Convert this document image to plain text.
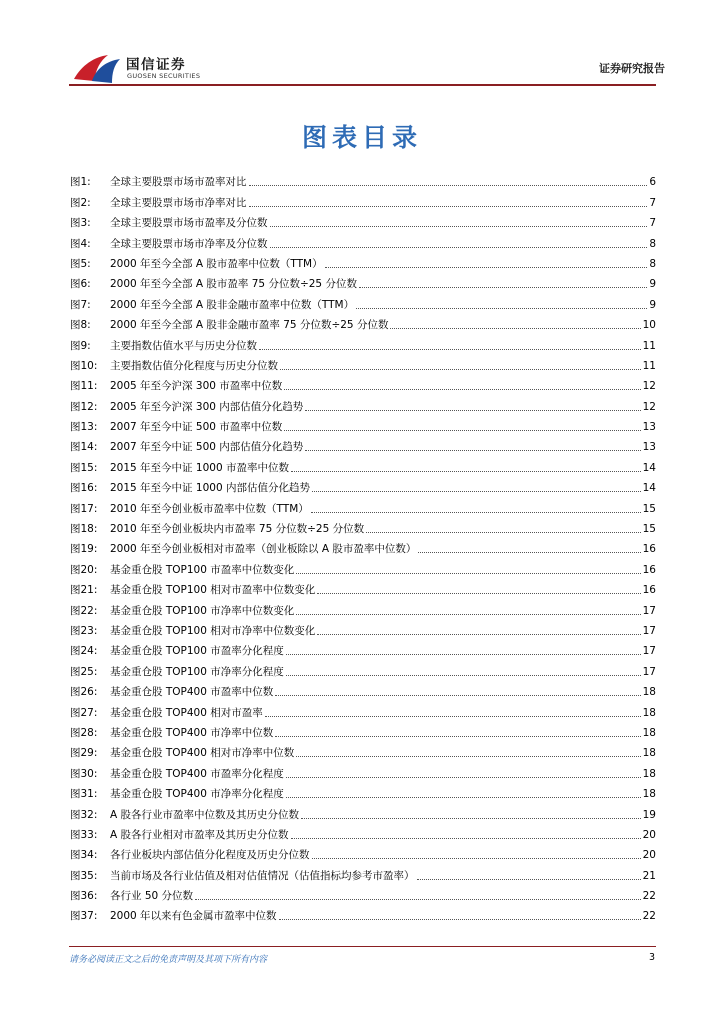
国信证券
GUOSEN SECURITIES
证券研究报告
图表目录
图1:	全球主要股票市场市盈率对比	6
图2:	全球主要股票市场市净率对比	7
图3:	全球主要股票市场市盈率及分位数	7
图4:	全球主要股票市场市净率及分位数	8
图5:	2000 年至今全部 A 股市盈率中位数（TTM）	8
图6:	2000 年至今全部 A 股市盈率 75 分位数÷25 分位数	9
图7:	2000 年至今全部 A 股非金融市盈率中位数（TTM）	9
图8:	2000 年至今全部 A 股非金融市盈率 75 分位数÷25 分位数	10
图9:	主要指数估值水平与历史分位数	11
图10:	主要指数估值分化程度与历史分位数	11
图11:	2005 年至今沪深 300 市盈率中位数	12
图12:	2005 年至今沪深 300 内部估值分化趋势	12
图13:	2007 年至今中证 500 市盈率中位数	13
图14:	2007 年至今中证 500 内部估值分化趋势	13
图15:	2015 年至今中证 1000 市盈率中位数	14
图16:	2015 年至今中证 1000 内部估值分化趋势	14
图17:	2010 年至今创业板市盈率中位数（TTM）	15
图18:	2010 年至今创业板块内市盈率 75 分位数÷25 分位数	15
图19:	2000 年至今创业板相对市盈率（创业板除以 A 股市盈率中位数）	16
图20:	基金重仓股 TOP100 市盈率中位数变化	16
图21:	基金重仓股 TOP100 相对市盈率中位数变化	16
图22:	基金重仓股 TOP100 市净率中位数变化	17
图23:	基金重仓股 TOP100 相对市净率中位数变化	17
图24:	基金重仓股 TOP100 市盈率分化程度	17
图25:	基金重仓股 TOP100 市净率分化程度	17
图26:	基金重仓股 TOP400 市盈率中位数	18
图27:	基金重仓股 TOP400 相对市盈率	18
图28:	基金重仓股 TOP400 市净率中位数	18
图29:	基金重仓股 TOP400 相对市净率中位数	18
图30:	基金重仓股 TOP400 市盈率分化程度	18
图31:	基金重仓股 TOP400 市净率分化程度	18
图32:	A 股各行业市盈率中位数及其历史分位数	19
图33:	A 股各行业相对市盈率及其历史分位数	20
图34:	各行业板块内部估值分化程度及历史分位数	20
图35:	当前市场及各行业估值及相对估值情况（估值指标均参考市盈率）	21
图36:	各行业 50 分位数	22
图37:	2000 年以来有色金属市盈率中位数	22
请务必阅读正文之后的免责声明及其项下所有内容	3
